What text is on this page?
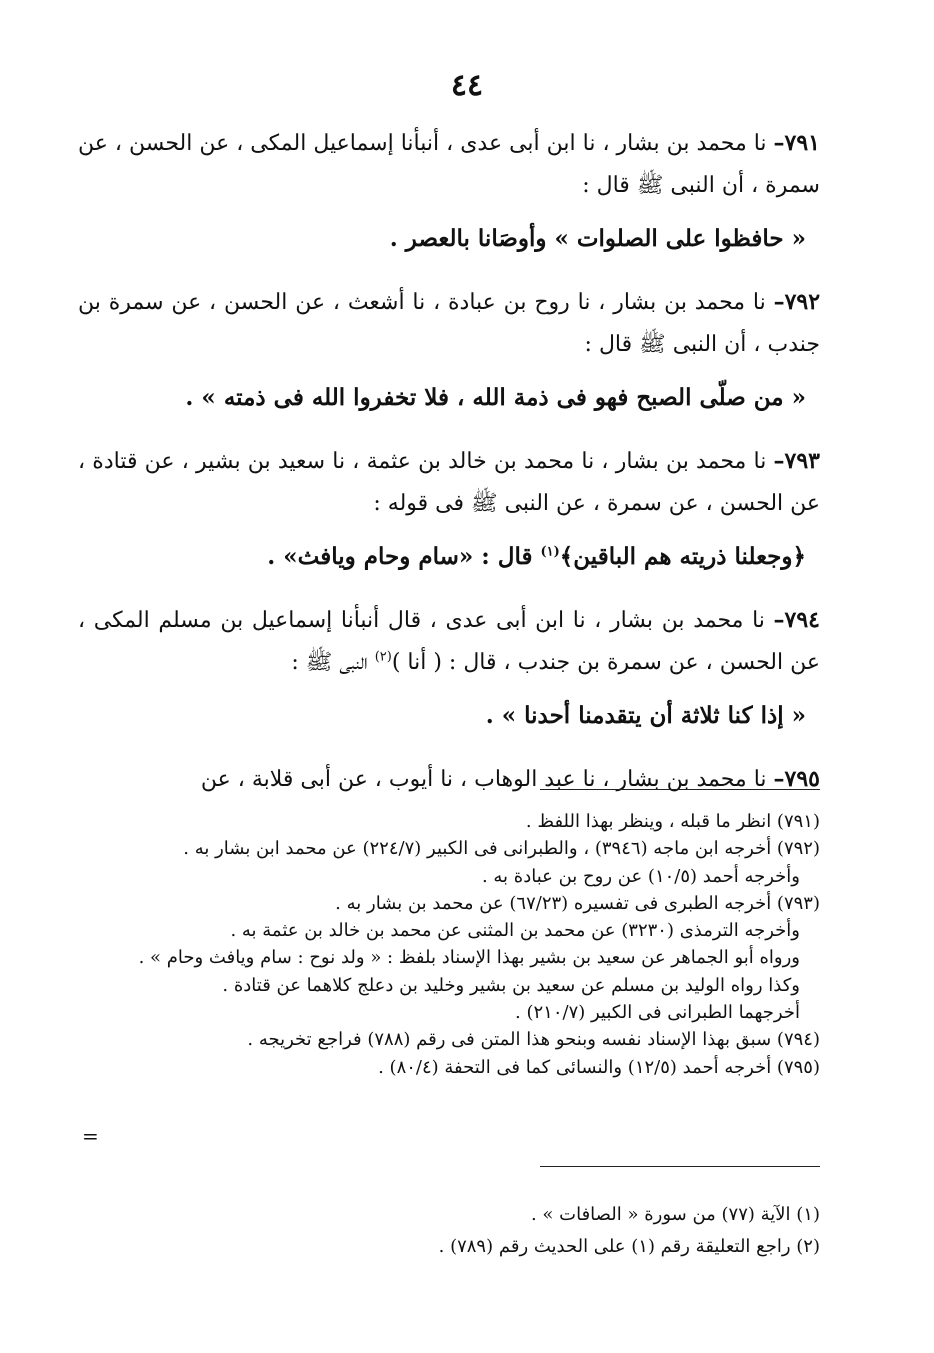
٤٤
٧٩١– نا محمد بن بشار ، نا ابن أبى عدى ، أنبأنا إسماعيل المكى ، عن الحسن ، عن سمرة ، أن النبى ﷺ قال :
« حافظوا على الصلوات » وأوصَانا بالعصر .
٧٩٢– نا محمد بن بشار ، نا روح بن عبادة ، نا أشعث ، عن الحسن ، عن سمرة بن جندب ، أن النبى ﷺ قال :
« من صلّى الصبح فهو فى ذمة الله ، فلا تخفروا الله فى ذمته » .
٧٩٣– نا محمد بن بشار ، نا محمد بن خالد بن عثمة ، نا سعيد بن بشير ، عن قتادة ، عن الحسن ، عن سمرة ، عن النبى ﷺ فى قوله :
﴿وجعلنا ذريته هم الباقين﴾$^{(١)}$ قال : «سام وحام ويافث» .
٧٩٤– نا محمد بن بشار ، نا ابن أبى عدى ، قال أنبأنا إسماعيل بن مسلم المكى ، عن الحسن ، عن سمرة بن جندب ، قال : ( أنا )$^{(٢)}$ النبى ﷺ :
« إذا كنا ثلاثة أن يتقدمنا أحدنا » .
٧٩٥– نا محمد بن بشار ، نا عبد الوهاب ، نا أيوب ، عن أبى قلابة ، عن
(٧٩١) انظر ما قبله ، وينظر بهذا اللفظ .
(٧٩٢) أخرجه ابن ماجه (٣٩٤٦) ، والطبرانى فى الكبير (٢٢٤/٧) عن محمد ابن بشار به .
وأخرجه أحمد (١٠/٥) عن روح بن عبادة به .
(٧٩٣) أخرجه الطبرى فى تفسيره (٦٧/٢٣) عن محمد بن بشار به .
وأخرجه الترمذى (٣٢٣٠) عن محمد بن المثنى عن محمد بن خالد بن عثمة به .
ورواه أبو الجماهر عن سعيد بن بشير بهذا الإسناد بلفظ : « ولد نوح : سام ويافث وحام » .
وكذا رواه الوليد بن مسلم عن سعيد بن بشير وخليد بن دعلج كلاهما عن قتادة .
أخرجهما الطبرانى فى الكبير (٢١٠/٧) .
(٧٩٤) سبق بهذا الإسناد نفسه وبنحو هذا المتن فى رقم (٧٨٨) فراجع تخريجه .
(٧٩٥) أخرجه أحمد (١٢/٥) والنسائى كما فى التحفة (٨٠/٤) .
=
(١) الآية (٧٧) من سورة « الصافات » .
(٢) راجع التعليقة رقم (١) على الحديث رقم (٧٨٩) .
